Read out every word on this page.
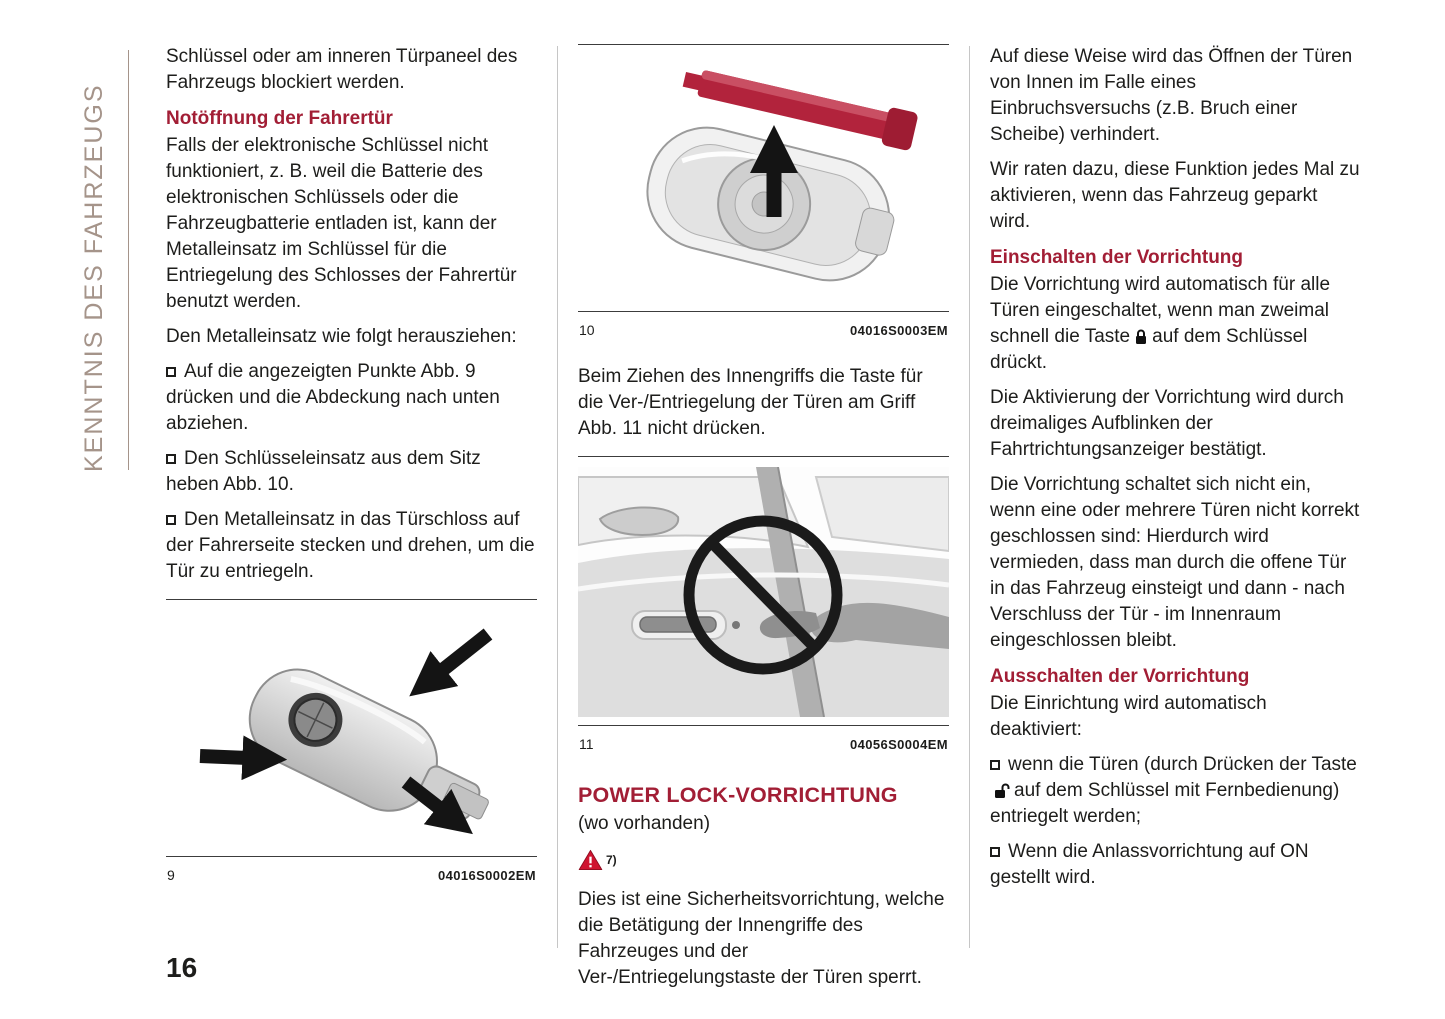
KENNTNIS DES FAHRZEUGS

Schlüssel oder am inneren Türpaneel des Fahrzeugs blockiert werden.

Notöffnung der Fahrertür

Falls der elektronische Schlüssel nicht funktioniert, z. B. weil die Batterie des elektronischen Schlüssels oder die Fahrzeugbatterie entladen ist, kann der Metalleinsatz im Schlüssel für die Entriegelung des Schlosses der Fahrertür benutzt werden.

Den Metalleinsatz wie folgt herausziehen:

Auf die angezeigten Punkte Abb. 9 drücken und die Abdeckung nach unten abziehen.

Den Schlüsseleinsatz aus dem Sitz heben Abb. 10.

Den Metalleinsatz in das Türschloss auf der Fahrerseite stecken und drehen, um die Tür zu entriegeln.

9	04016S0002EM
10	04016S0003EM

Beim Ziehen des Innengriffs die Taste für die Ver-/Entriegelung der Türen am Griff Abb. 11 nicht drücken.

11	04056S0004EM
POWER LOCK-VORRICHTUNG

(wo vorhanden)

7)

Dies ist eine Sicherheitsvorrichtung, welche die Betätigung der Innengriffe des Fahrzeuges und der Ver-/Entriegelungstaste der Türen sperrt.

Auf diese Weise wird das Öffnen der Türen von Innen im Falle eines Einbruchsversuchs (z.B. Bruch einer Scheibe) verhindert.

Wir raten dazu, diese Funktion jedes Mal zu aktivieren, wenn das Fahrzeug geparkt wird.

Einschalten der Vorrichtung

Die Vorrichtung wird automatisch für alle Türen eingeschaltet, wenn man zweimal schnell die Taste auf dem Schlüssel drückt.

Die Aktivierung der Vorrichtung wird durch dreimaliges Aufblinken der Fahrtrichtungsanzeiger bestätigt.

Die Vorrichtung schaltet sich nicht ein, wenn eine oder mehrere Türen nicht korrekt geschlossen sind: Hierdurch wird vermieden, dass man durch die offene Tür in das Fahrzeug einsteigt und dann - nach Verschluss der Tür - im Innenraum eingeschlossen bleibt.

Ausschalten der Vorrichtung

Die Einrichtung wird automatisch deaktiviert:

wenn die Türen (durch Drücken der Tasteauf dem Schlüssel mit Fernbedienung) entriegelt werden;

Wenn die Anlassvorrichtung auf ON gestellt wird.

16
